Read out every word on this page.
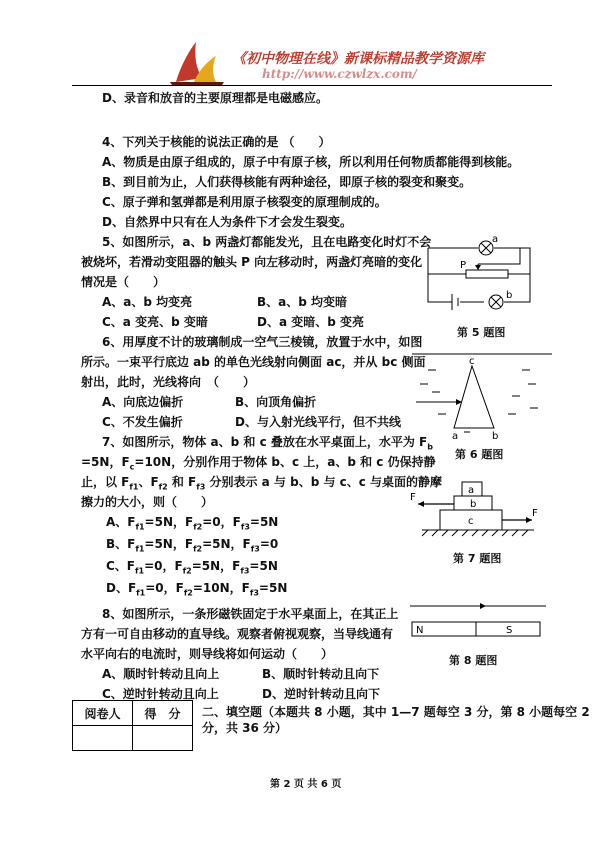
《初中物理在线》新课标精品教学资源库
http://www.czwlzx.com/
D、录音和放音的主要原理都是电磁感应。
4、下列关于核能的说法正确的是 （　　）
A、物质是由原子组成的，原子中有原子核，所以利用任何物质都能得到核能。
B、到目前为止，人们获得核能有两种途径，即原子核的裂变和聚变。
C、原子弹和氢弹都是利用原子核裂变的原理制成的。
D、自然界中只有在人为条件下才会发生裂变。
5、如图所示，a、b 两盏灯都能发光，且在电路变化时灯不会
被烧坏，若滑动变阻器的触头 P 向左移动时，两盏灯亮暗的变化
情况是（　　）
A、a、b 均变亮	B、a、b 均变暗
C、a 变亮、b 变暗	D、a 变暗、b 变亮
6、用厚度不计的玻璃制成一空气三棱镜，放置于水中，如图
所示。一束平行底边 ab 的单色光线射向侧面 ac，并从 bc 侧面
射出，此时，光线将向　（　　）
A、向底边偏折	B、向顶角偏折
C、不发生偏折	D、与入射光线平行，但不共线
7、如图所示，物体 a、b 和 c 叠放在水平桌面上，水平为 $F_b$
=5N，$F_c=10N$，分别作用于物体 b、c 上，a、b 和 c 仍保持静
止，以 $F_{f1}$、$F_{f2}$ 和 $F_{f3}$ 分别表示 a 与 b、b 与 c、c 与桌面的静摩
擦力的大小，则（　　）
A、$F_{f1}=5N$，$F_{f2}=0$，$F_{f3}=5N$
B、$F_{f1}=5N$，$F_{f2}=5N$，$F_{f3}=0$
C、$F_{f1}=0$，$F_{f2}=5N$，$F_{f3}=5N$
D、$F_{f1}=0$，$F_{f2}=10N$，$F_{f3}=5N$
8、如图所示，一条形磁铁固定于水平桌面上，在其正上
方有一可自由移动的直导线。观察者俯视观察，当导线通有
水平向右的电流时，则导线将如何运动（　　）
A、顺时针转动且向上	B、顺时针转动且向下
C、逆时针转动且向上	D、逆时针转动且向下
阅卷人	得　分
	二、填空题（本题共 8 小题，其中 1—7 题每空 3 分，第 8 小题每空 2
分，共 36 分）
a
P
b
第 5 题图
c
a	b
第 6 题图
a
b
c
F
F
第 7 题图
N	S
第 8 题图
第 2 页 共 6 页
